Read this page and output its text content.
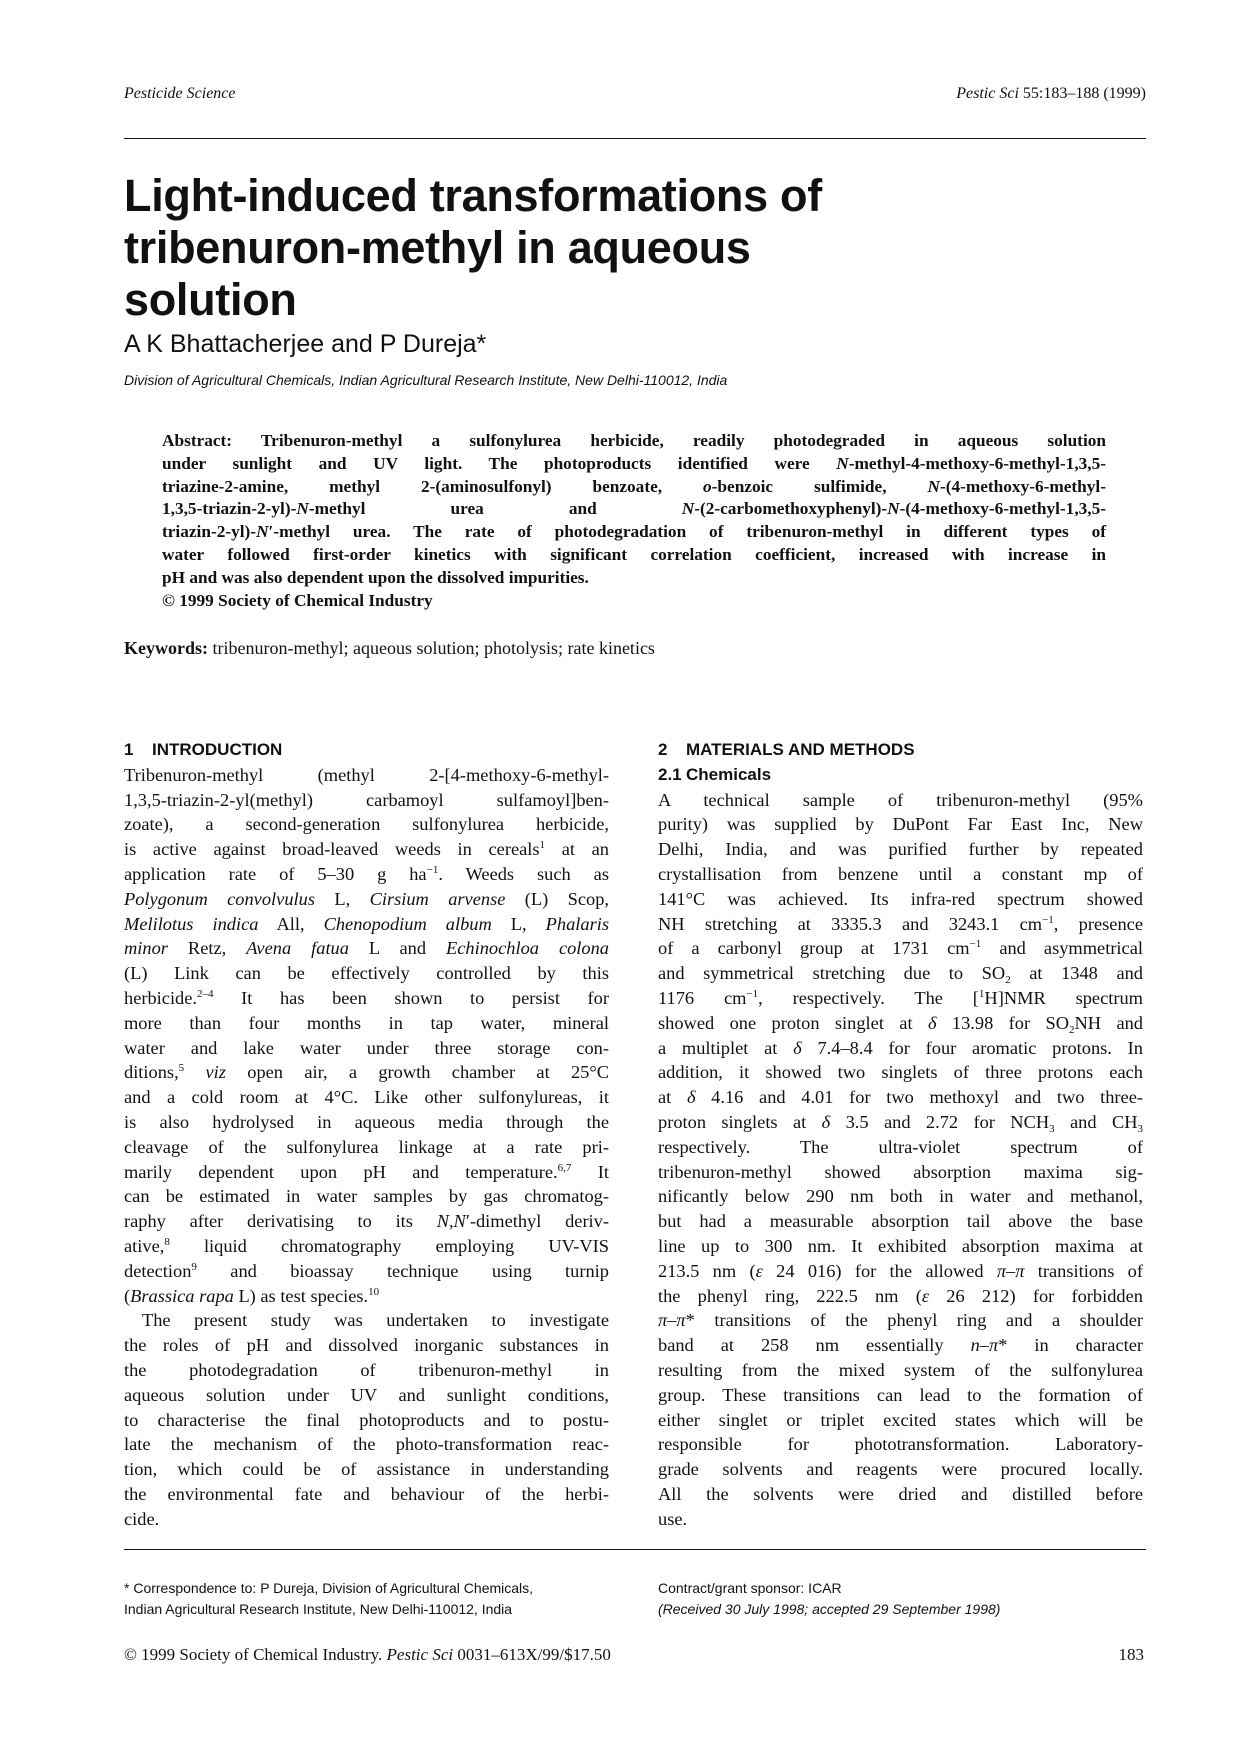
Pesticide Science	Pestic Sci 55:183–188 (1999)
Light-induced transformations of
tribenuron-methyl in aqueous
solution
A K Bhattacherjee and P Dureja*
Division of Agricultural Chemicals, Indian Agricultural Research Institute, New Delhi-110012, India
Abstract: Tribenuron-methyl a sulfonylurea herbicide, readily photodegraded in aqueous solution
under sunlight and UV light. The photoproducts identified were N-methyl-4-methoxy-6-methyl-1,3,5-
triazine-2-amine, methyl 2-(aminosulfonyl) benzoate, o-benzoic sulfimide, N-(4-methoxy-6-methyl-
1,3,5-triazin-2-yl)-N-methyl urea and N-(2-carbomethoxyphenyl)-N-(4-methoxy-6-methyl-1,3,5-
triazin-2-yl)-N′-methyl urea. The rate of photodegradation of tribenuron-methyl in different types of
water followed first-order kinetics with significant correlation coefficient, increased with increase in
pH and was also dependent upon the dissolved impurities.
© 1999 Society of Chemical Industry
Keywords: tribenuron-methyl; aqueous solution; photolysis; rate kinetics
1 INTRODUCTION
Tribenuron-methyl (methyl 2-[4-methoxy-6-methyl-
1,3,5-triazin-2-yl(methyl) carbamoyl sulfamoyl]ben-
zoate), a second-generation sulfonylurea herbicide,
is active against broad-leaved weeds in cereals$^1$ at an
application rate of 5–30 g $ha^{-1}$. Weeds such as
Polygonum convolvulus L, Cirsium arvense (L) Scop,
Melilotus indica All, Chenopodium album L, Phalaris
minor Retz, Avena fatua L and Echinochloa colona
(L) Link can be effectively controlled by this
herbicide.$^{2-4}$ It has been shown to persist for
more than four months in tap water, mineral
water and lake water under three storage con-
ditions,$^5$ viz open air, a growth chamber at 25°C
and a cold room at 4°C. Like other sulfonylureas, it
is also hydrolysed in aqueous media through the
cleavage of the sulfonylurea linkage at a rate pri-
marily dependent upon pH and temperature.$^{6,7}$ It
can be estimated in water samples by gas chromatog-
raphy after derivatising to its N,N′-dimethyl deriv-
ative,$^8$ liquid chromatography employing UV-VIS
detection$^9$ and bioassay technique using turnip
(Brassica rapa L) as test species.$^{10}$
The present study was undertaken to investigate
the roles of pH and dissolved inorganic substances in
the photodegradation of tribenuron-methyl in
aqueous solution under UV and sunlight conditions,
to characterise the final photoproducts and to postu-
late the mechanism of the photo-transformation reac-
tion, which could be of assistance in understanding
the environmental fate and behaviour of the herbi-
cide.
2 MATERIALS AND METHODS
2.1 Chemicals
A technical sample of tribenuron-methyl (95%
purity) was supplied by DuPont Far East Inc, New
Delhi, India, and was purified further by repeated
crystallisation from benzene until a constant mp of
141°C was achieved. Its infra-red spectrum showed
NH stretching at 3335.3 and 3243.1 $cm^{-1}$, presence
of a carbonyl group at 1731 $cm^{-1}$ and asymmetrical
and symmetrical stretching due to $SO_2$ at 1348 and
1176 $cm^{-1}$, respectively. The [$^1$H]NMR spectrum
showed one proton singlet at δ 13.98 for $SO_2NH$ and
a multiplet at δ 7.4–8.4 for four aromatic protons. In
addition, it showed two singlets of three protons each
at δ 4.16 and 4.01 for two methoxyl and two three-
proton singlets at δ 3.5 and 2.72 for $NCH_3$ and $CH_3$
respectively. The ultra-violet spectrum of
tribenuron-methyl showed absorption maxima sig-
nificantly below 290 nm both in water and methanol,
but had a measurable absorption tail above the base
line up to 300 nm. It exhibited absorption maxima at
213.5 nm (ε 24 016) for the allowed π–π transitions of
the phenyl ring, 222.5 nm (ε 26 212) for forbidden
π–π* transitions of the phenyl ring and a shoulder
band at 258 nm essentially n–π* in character
resulting from the mixed system of the sulfonylurea
group. These transitions can lead to the formation of
either singlet or triplet excited states which will be
responsible for phototransformation. Laboratory-
grade solvents and reagents were procured locally.
All the solvents were dried and distilled before
use.
* Correspondence to: P Dureja, Division of Agricultural Chemicals,
Indian Agricultural Research Institute, New Delhi-110012, India
Contract/grant sponsor: ICAR
(Received 30 July 1998; accepted 29 September 1998)
© 1999 Society of Chemical Industry. Pestic Sci 0031–613X/99/$17.50	183
